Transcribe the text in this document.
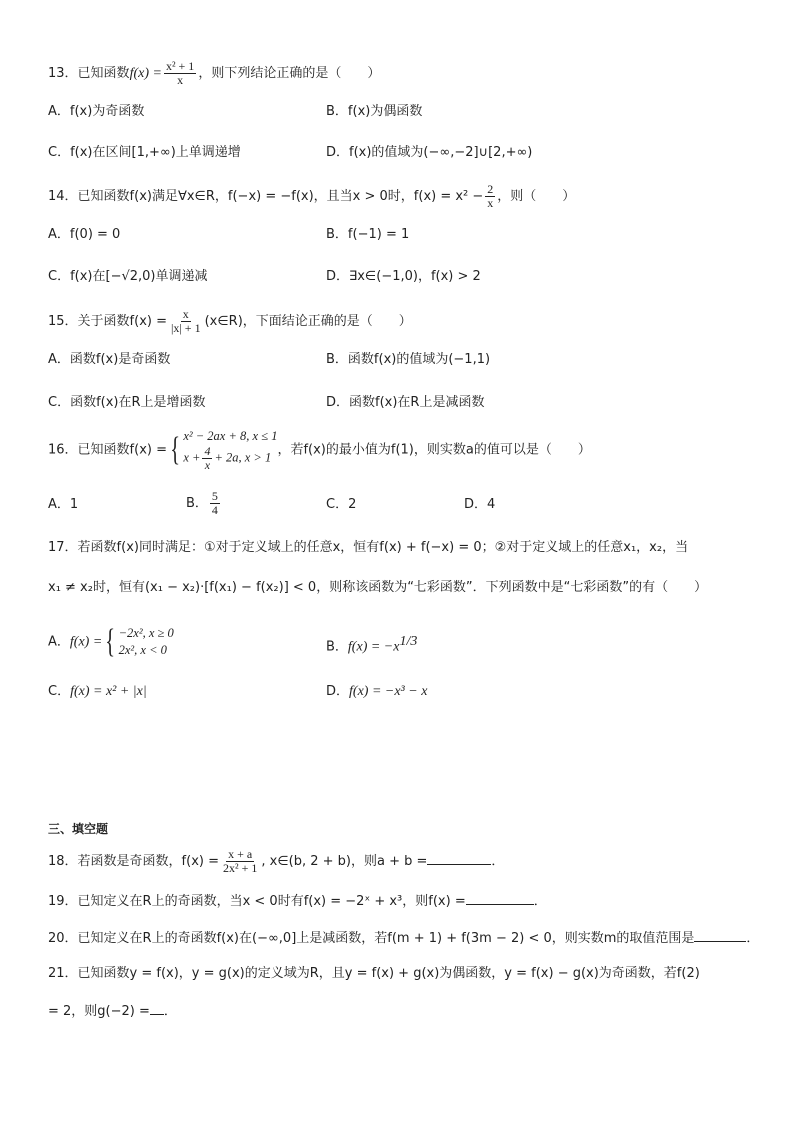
13．已知函数$f(x) = \frac{\text{x² + 1}}{x}$ ，则下列结论正确的是（　　）
A．f(x)为奇函数	B．f(x)为偶函数
C．f(x)在区间[1,+∞)上单调递增	D．f(x)的值域为(−∞,−2]∪[2,+∞)
14．已知函数f(x)满足∀x∈R，f(−x) = −f(x)，且当x > 0时，$f(x) = x^2 - \frac{2}{x}$ ，则（　　）
A．f(0) = 0	B．f(−1) = 1
C．f(x)在[−√2,0)单调递减	D．∃x∈(−1,0)，f(x) > 2
15．关于函数$f(x) = \frac{x}{|x| + 1}$ (x∈R)，下面结论正确的是（　　）
A．函数f(x)是奇函数	B．函数f(x)的值域为(−1,1)
C．函数f(x)在R上是增函数	D．函数f(x)在R上是减函数
16．已知函数f(x) ={ x² − 2ax + 8, x ≤ 1
$x + \frac{4}{x} + 2a$, x > 1 ，若f(x)的最小值为f(1)，则实数a的值可以是（　　）
A．1	B． $\frac{5}{4}$	C．2	D．4
17．若函数f(x)同时满足：①对于定义域上的任意x，恒有f(x) + f(−x) = 0；②对于定义域上的任意x₁，x₂，当
x₁ ≠ x₂时，恒有(x₁ − x₂)·[f(x₁) − f(x₂)] < 0，则称该函数为“七彩函数”．下列函数中是“七彩函数”的有（　　）
A．f(x) ={ −2x², x ≥ 0
2x², x < 0	B．$f(x) = -x^{1/3}$
C．f(x) = x² + |x|	D．f(x) = −x³ − x
三、填空题
18．若函数是奇函数，$f(x) = \frac{x + a}{\text{2x² + 1}}$ , x∈(b, 2 + b)，则a + b =	．
19．已知定义在R上的奇函数，当x < 0时有f(x) = −2ˣ + x³，则f(x) =	．
20．已知定义在R上的奇函数f(x)在(−∞,0]上是减函数，若f(m + 1) + f(3m − 2) < 0，则实数m的取值范围是	．
21．已知函数y = f(x)，y = g(x)的定义域为R，且y = f(x) + g(x)为偶函数，y = f(x) − g(x)为奇函数，若f(2)
= 2，则g(−2) = ．
